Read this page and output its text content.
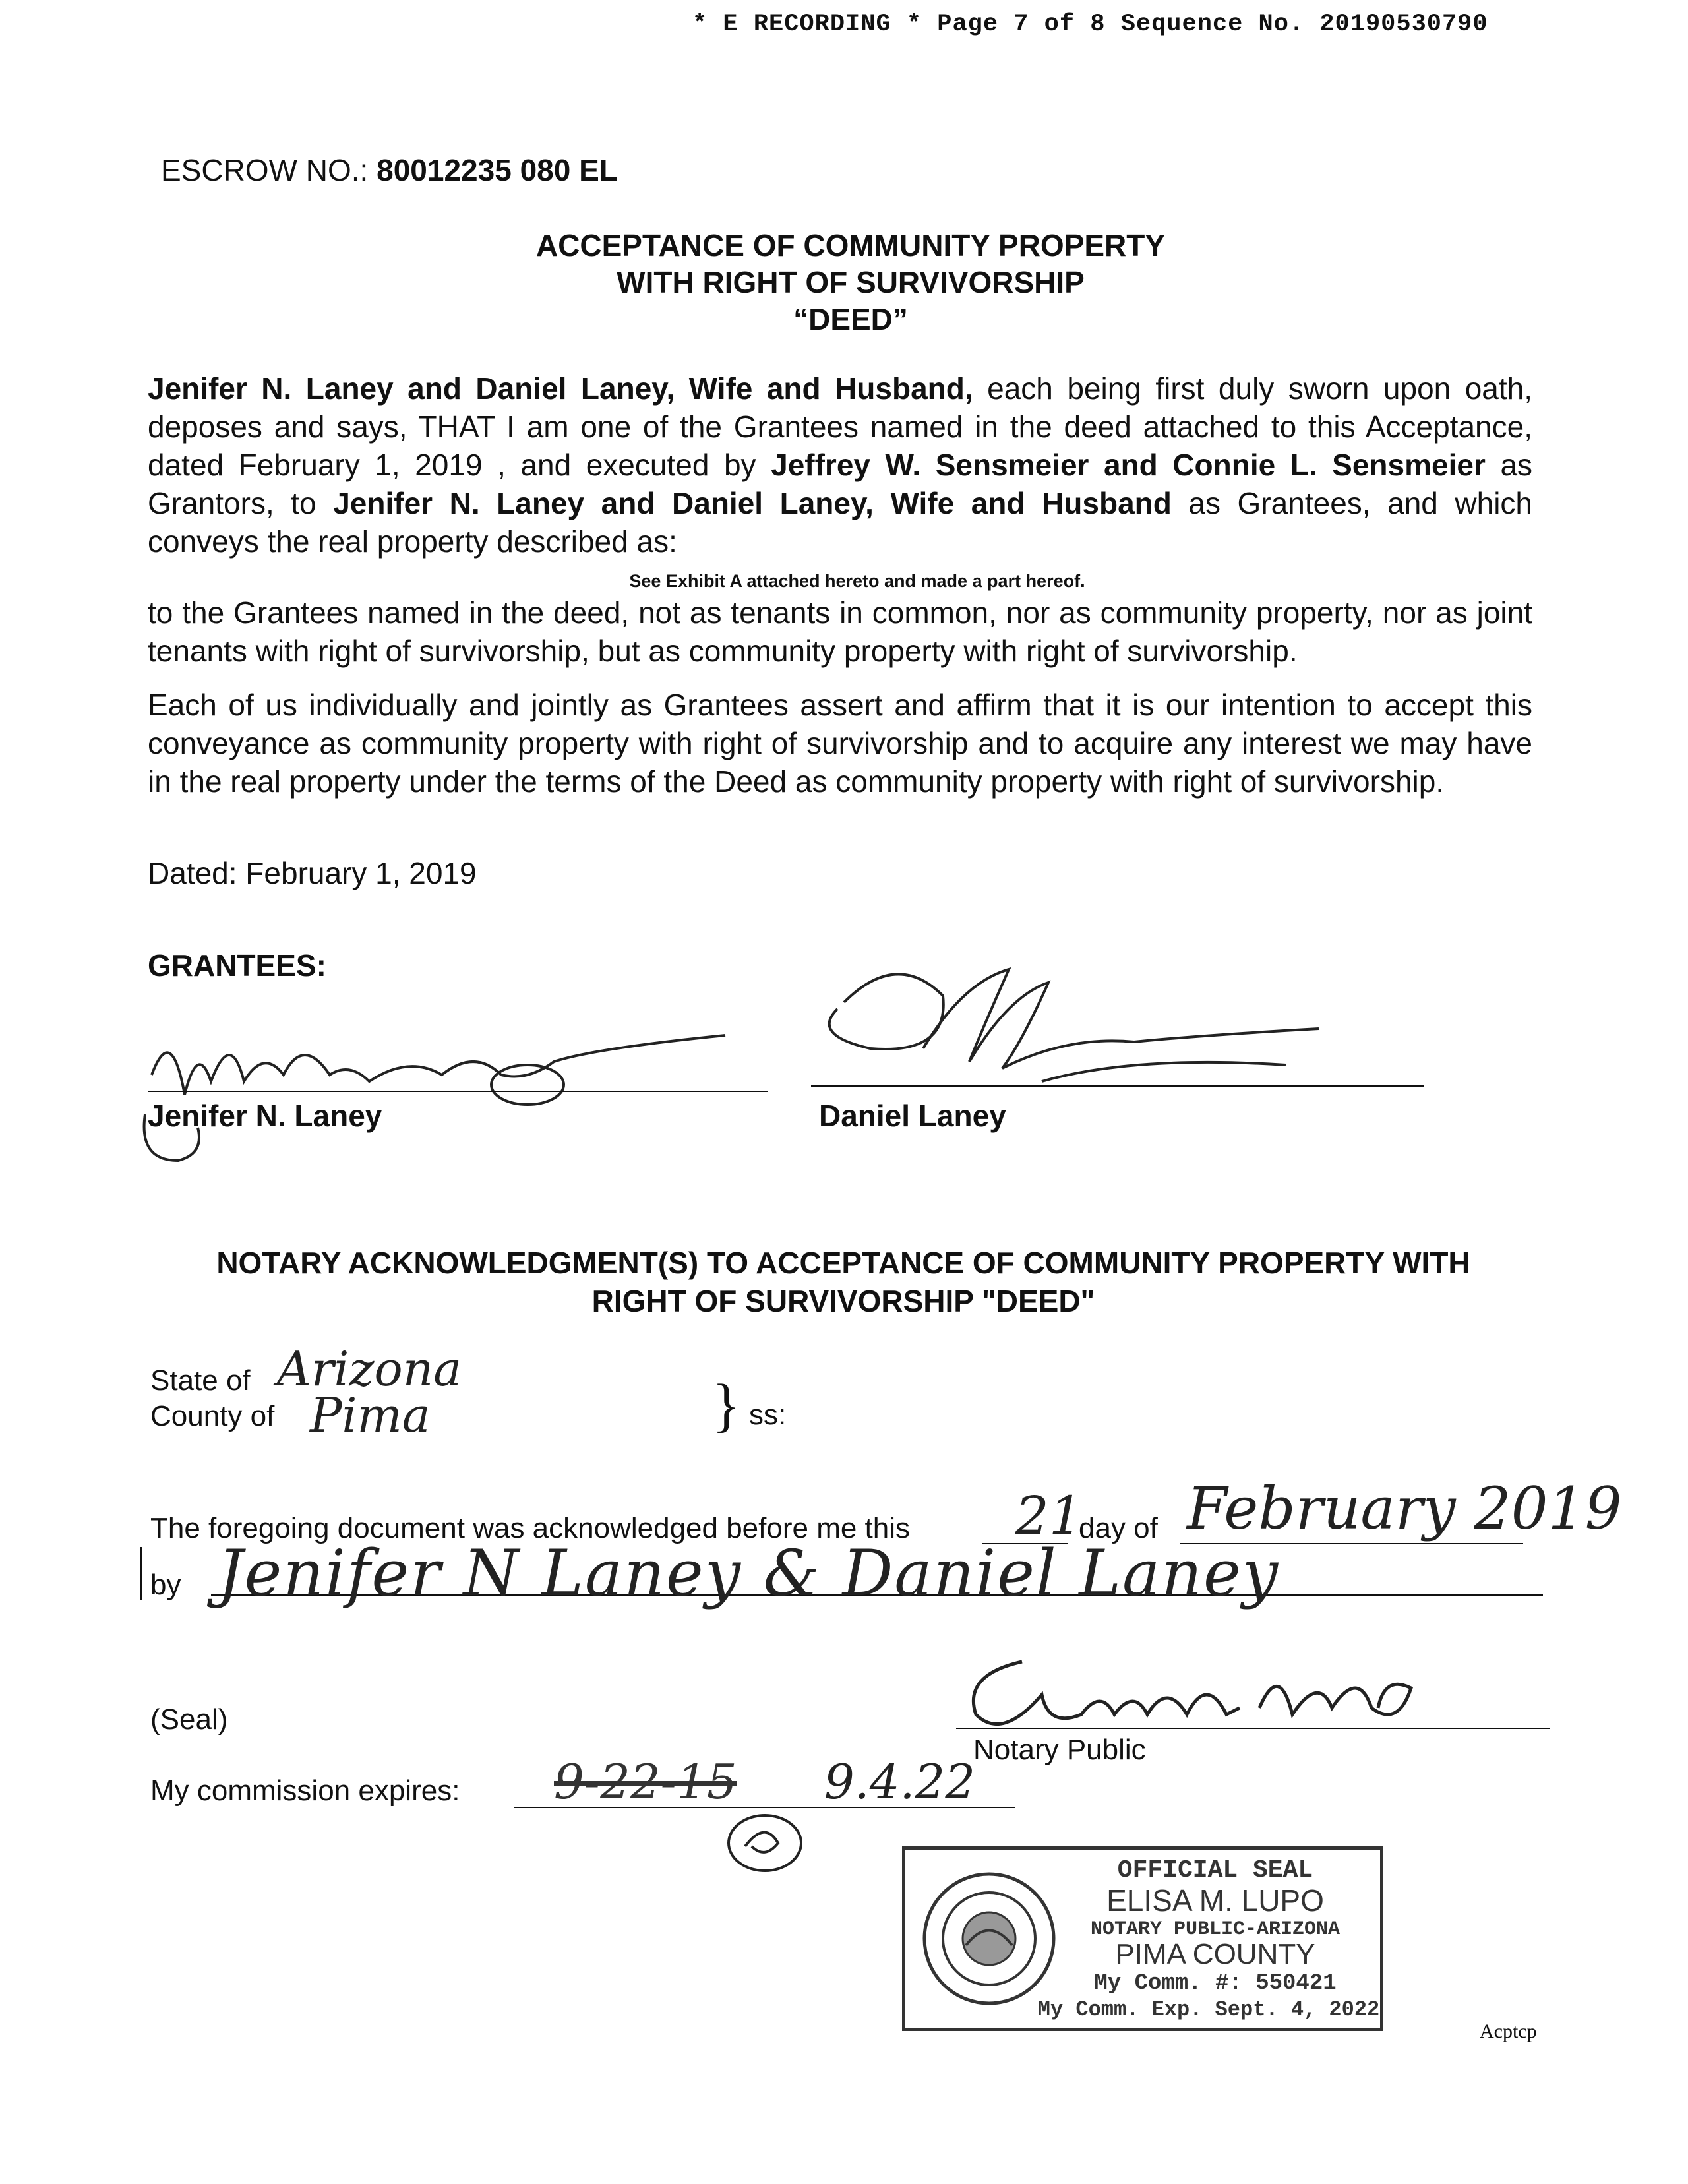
* E RECORDING * Page 7 of 8 Sequence No. 20190530790
ESCROW NO.: 80012235 080 EL
ACCEPTANCE OF COMMUNITY PROPERTY
WITH RIGHT OF SURVIVORSHIP
“DEED”
Jenifer N. Laney and Daniel Laney, Wife and Husband, each being first duly sworn upon oath, deposes and says, THAT I am one of the Grantees named in the deed attached to this Acceptance, dated February 1, 2019 , and executed by Jeffrey W. Sensmeier and Connie L. Sensmeier as Grantors, to Jenifer N. Laney and Daniel Laney, Wife and Husband as Grantees, and which conveys the real property described as:
See Exhibit A attached hereto and made a part hereof.
to the Grantees named in the deed, not as tenants in common, nor as community property, nor as joint tenants with right of survivorship, but as community property with right of survivorship.
Each of us individually and jointly as Grantees assert and affirm that it is our intention to accept this conveyance as community property with right of survivorship and to acquire any interest we may have in the real property under the terms of the Deed as community property with right of survivorship.
Dated: February 1, 2019
GRANTEES:
Jenifer N. Laney	Daniel Laney
NOTARY ACKNOWLEDGMENT(S) TO ACCEPTANCE OF COMMUNITY PROPERTY WITH
RIGHT OF SURVIVORSHIP "DEED"
State of Arizona
County of Pima	} ss:
The foregoing document was acknowledged before me this 21
day of February 2019
by Jenifer N Laney & Daniel Laney
(Seal)
Notary Public
My commission expires: 9-22-15 9.4.22
OFFICIAL SEAL
ELISA M. LUPO
NOTARY PUBLIC-ARIZONA
PIMA COUNTY
My Comm. #: 550421
My Comm. Exp. Sept. 4, 2022
Acptcp
